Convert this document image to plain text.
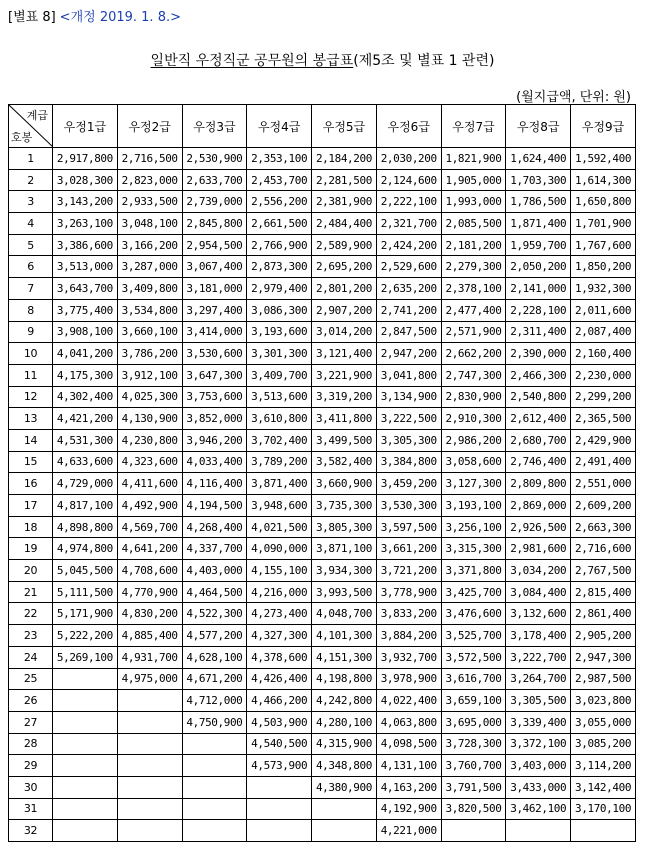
[별표 8] <개정 2019. 1. 8.>
일반직 우정직군 공무원의 봉급표(제5조 및 별표 1 관련)
(월지급액, 단위: 원)
계급
호봉	우정1급	우정2급	우정3급	우정4급	우정5급	우정6급	우정7급	우정8급	우정9급
1	2,917,800	2,716,500	2,530,900	2,353,100	2,184,200	2,030,200	1,821,900	1,624,400	1,592,400
2	3,028,300	2,823,000	2,633,700	2,453,700	2,281,500	2,124,600	1,905,000	1,703,300	1,614,300
3	3,143,200	2,933,500	2,739,000	2,556,200	2,381,900	2,222,100	1,993,000	1,786,500	1,650,800
4	3,263,100	3,048,100	2,845,800	2,661,500	2,484,400	2,321,700	2,085,500	1,871,400	1,701,900
5	3,386,600	3,166,200	2,954,500	2,766,900	2,589,900	2,424,200	2,181,200	1,959,700	1,767,600
6	3,513,000	3,287,000	3,067,400	2,873,300	2,695,200	2,529,600	2,279,300	2,050,200	1,850,200
7	3,643,700	3,409,800	3,181,000	2,979,400	2,801,200	2,635,200	2,378,100	2,141,000	1,932,300
8	3,775,400	3,534,800	3,297,400	3,086,300	2,907,200	2,741,200	2,477,400	2,228,100	2,011,600
9	3,908,100	3,660,100	3,414,000	3,193,600	3,014,200	2,847,500	2,571,900	2,311,400	2,087,400
10	4,041,200	3,786,200	3,530,600	3,301,300	3,121,400	2,947,200	2,662,200	2,390,000	2,160,400
11	4,175,300	3,912,100	3,647,300	3,409,700	3,221,900	3,041,800	2,747,300	2,466,300	2,230,000
12	4,302,400	4,025,300	3,753,600	3,513,600	3,319,200	3,134,900	2,830,900	2,540,800	2,299,200
13	4,421,200	4,130,900	3,852,000	3,610,800	3,411,800	3,222,500	2,910,300	2,612,400	2,365,500
14	4,531,300	4,230,800	3,946,200	3,702,400	3,499,500	3,305,300	2,986,200	2,680,700	2,429,900
15	4,633,600	4,323,600	4,033,400	3,789,200	3,582,400	3,384,800	3,058,600	2,746,400	2,491,400
16	4,729,000	4,411,600	4,116,400	3,871,400	3,660,900	3,459,200	3,127,300	2,809,800	2,551,000
17	4,817,100	4,492,900	4,194,500	3,948,600	3,735,300	3,530,300	3,193,100	2,869,000	2,609,200
18	4,898,800	4,569,700	4,268,400	4,021,500	3,805,300	3,597,500	3,256,100	2,926,500	2,663,300
19	4,974,800	4,641,200	4,337,700	4,090,000	3,871,100	3,661,200	3,315,300	2,981,600	2,716,600
20	5,045,500	4,708,600	4,403,000	4,155,100	3,934,300	3,721,200	3,371,800	3,034,200	2,767,500
21	5,111,500	4,770,900	4,464,500	4,216,000	3,993,500	3,778,900	3,425,700	3,084,400	2,815,400
22	5,171,900	4,830,200	4,522,300	4,273,400	4,048,700	3,833,200	3,476,600	3,132,600	2,861,400
23	5,222,200	4,885,400	4,577,200	4,327,300	4,101,300	3,884,200	3,525,700	3,178,400	2,905,200
24	5,269,100	4,931,700	4,628,100	4,378,600	4,151,300	3,932,700	3,572,500	3,222,700	2,947,300
25		4,975,000	4,671,200	4,426,400	4,198,800	3,978,900	3,616,700	3,264,700	2,987,500
26			4,712,000	4,466,200	4,242,800	4,022,400	3,659,100	3,305,500	3,023,800
27			4,750,900	4,503,900	4,280,100	4,063,800	3,695,000	3,339,400	3,055,000
28				4,540,500	4,315,900	4,098,500	3,728,300	3,372,100	3,085,200
29				4,573,900	4,348,800	4,131,100	3,760,700	3,403,000	3,114,200
30					4,380,900	4,163,200	3,791,500	3,433,000	3,142,400
31						4,192,900	3,820,500	3,462,100	3,170,100
32						4,221,000			
